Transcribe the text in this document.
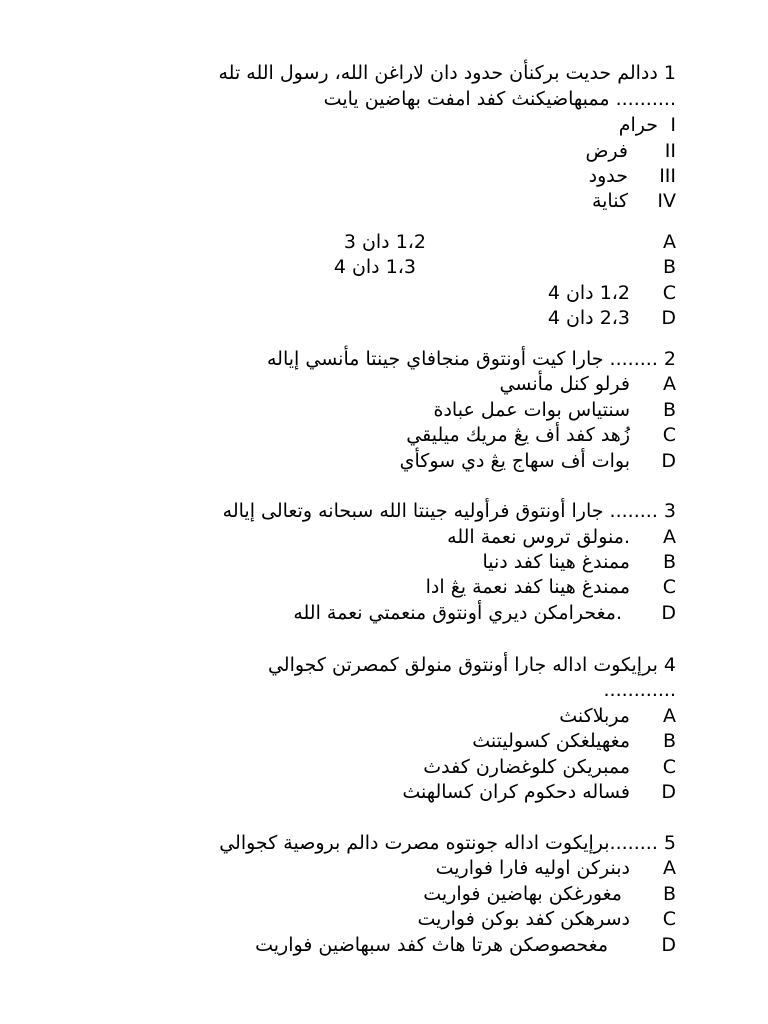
1 ددالم حديت بركنأن حدود دان لاراغن الله، رسول الله تله
.......... ممبهاضيكنث كفد امفت بهاضين يايت
I
حرام
II
فرض
III
حدود
IV
كناية
A
1،2 دان 3
B
1،3 دان 4
C
1،2 دان 4
D
2،3 دان 4
2 ........ جارا كيت أونتوق منجافاي جينتا مأنسي إياله
A
فرلو كنل مأنسي
B
سنتياس بوات عمل عبادة
C
زُهد كفد أف يڠ مريك ميليقي
D
بوات أف سهاج يڠ دي سوكأي
3 ........ جارا أونتوق فرأوليه جينتا الله سبحانه وتعالى إياله
A
.منولق تروس نعمة الله
B
ممندغ هينا كفد دنيا
C
ممندغ هينا كفد نعمة يڠ ادا
D
.مغحرامكن ديري أونتوق منعمتي نعمة الله
4 برإيكوت اداله جارا أونتوق منولق كمصرتن كجوالي
............
A
مربلاكنث
B
مغهيلغكن كسوليتنث
C
ممبريكن كلوغضارن كفدث
D
فساله دحكوم كران كسالهنث
5 ........برإيكوت اداله جونتوه مصرت دالم بروصية كجوالي
A
دبنركن اوليه فارا فواريت
B
مغورغكن بهاضين فواريت
C
دسرهكن كفد بوكن فواريت
D
مغحصوصكن هرتا هاث كفد سبهاضين فواريت
